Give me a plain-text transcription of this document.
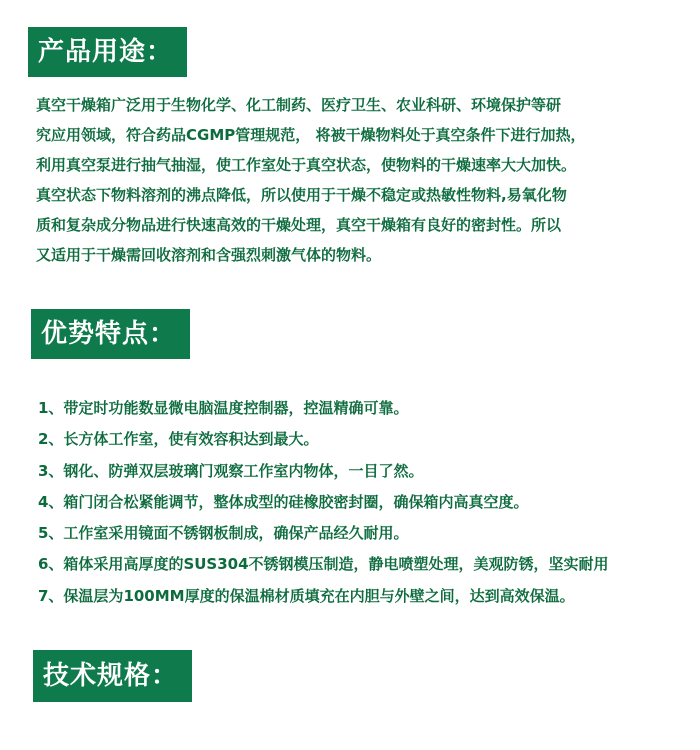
产品用途：
真空干燥箱广泛用于生物化学、化工制药、医疗卫生、农业科研、环境保护等研
究应用领域，符合药品CGMP管理规范， 将被干燥物料处于真空条件下进行加热，
利用真空泵进行抽气抽湿，使工作室处于真空状态，使物料的干燥速率大大加快。
真空状态下物料溶剂的沸点降低，所以使用于干燥不稳定或热敏性物料,易氧化物
质和复杂成分物品进行快速高效的干燥处理，真空干燥箱有良好的密封性。所以
又适用于干燥需回收溶剂和含强烈刺激气体的物料。
优势特点：
1、带定时功能数显微电脑温度控制器，控温精确可靠。
2、长方体工作室，使有效容积达到最大。
3、钢化、防弹双层玻璃门观察工作室内物体，一目了然。
4、箱门闭合松紧能调节，整体成型的硅橡胶密封圈，确保箱内高真空度。
5、工作室采用镜面不锈钢板制成，确保产品经久耐用。
6、箱体采用高厚度的SUS304不锈钢模压制造，静电喷塑处理，美观防锈，坚实耐用
7、保温层为100MM厚度的保温棉材质填充在内胆与外壁之间，达到高效保温。
技术规格：
